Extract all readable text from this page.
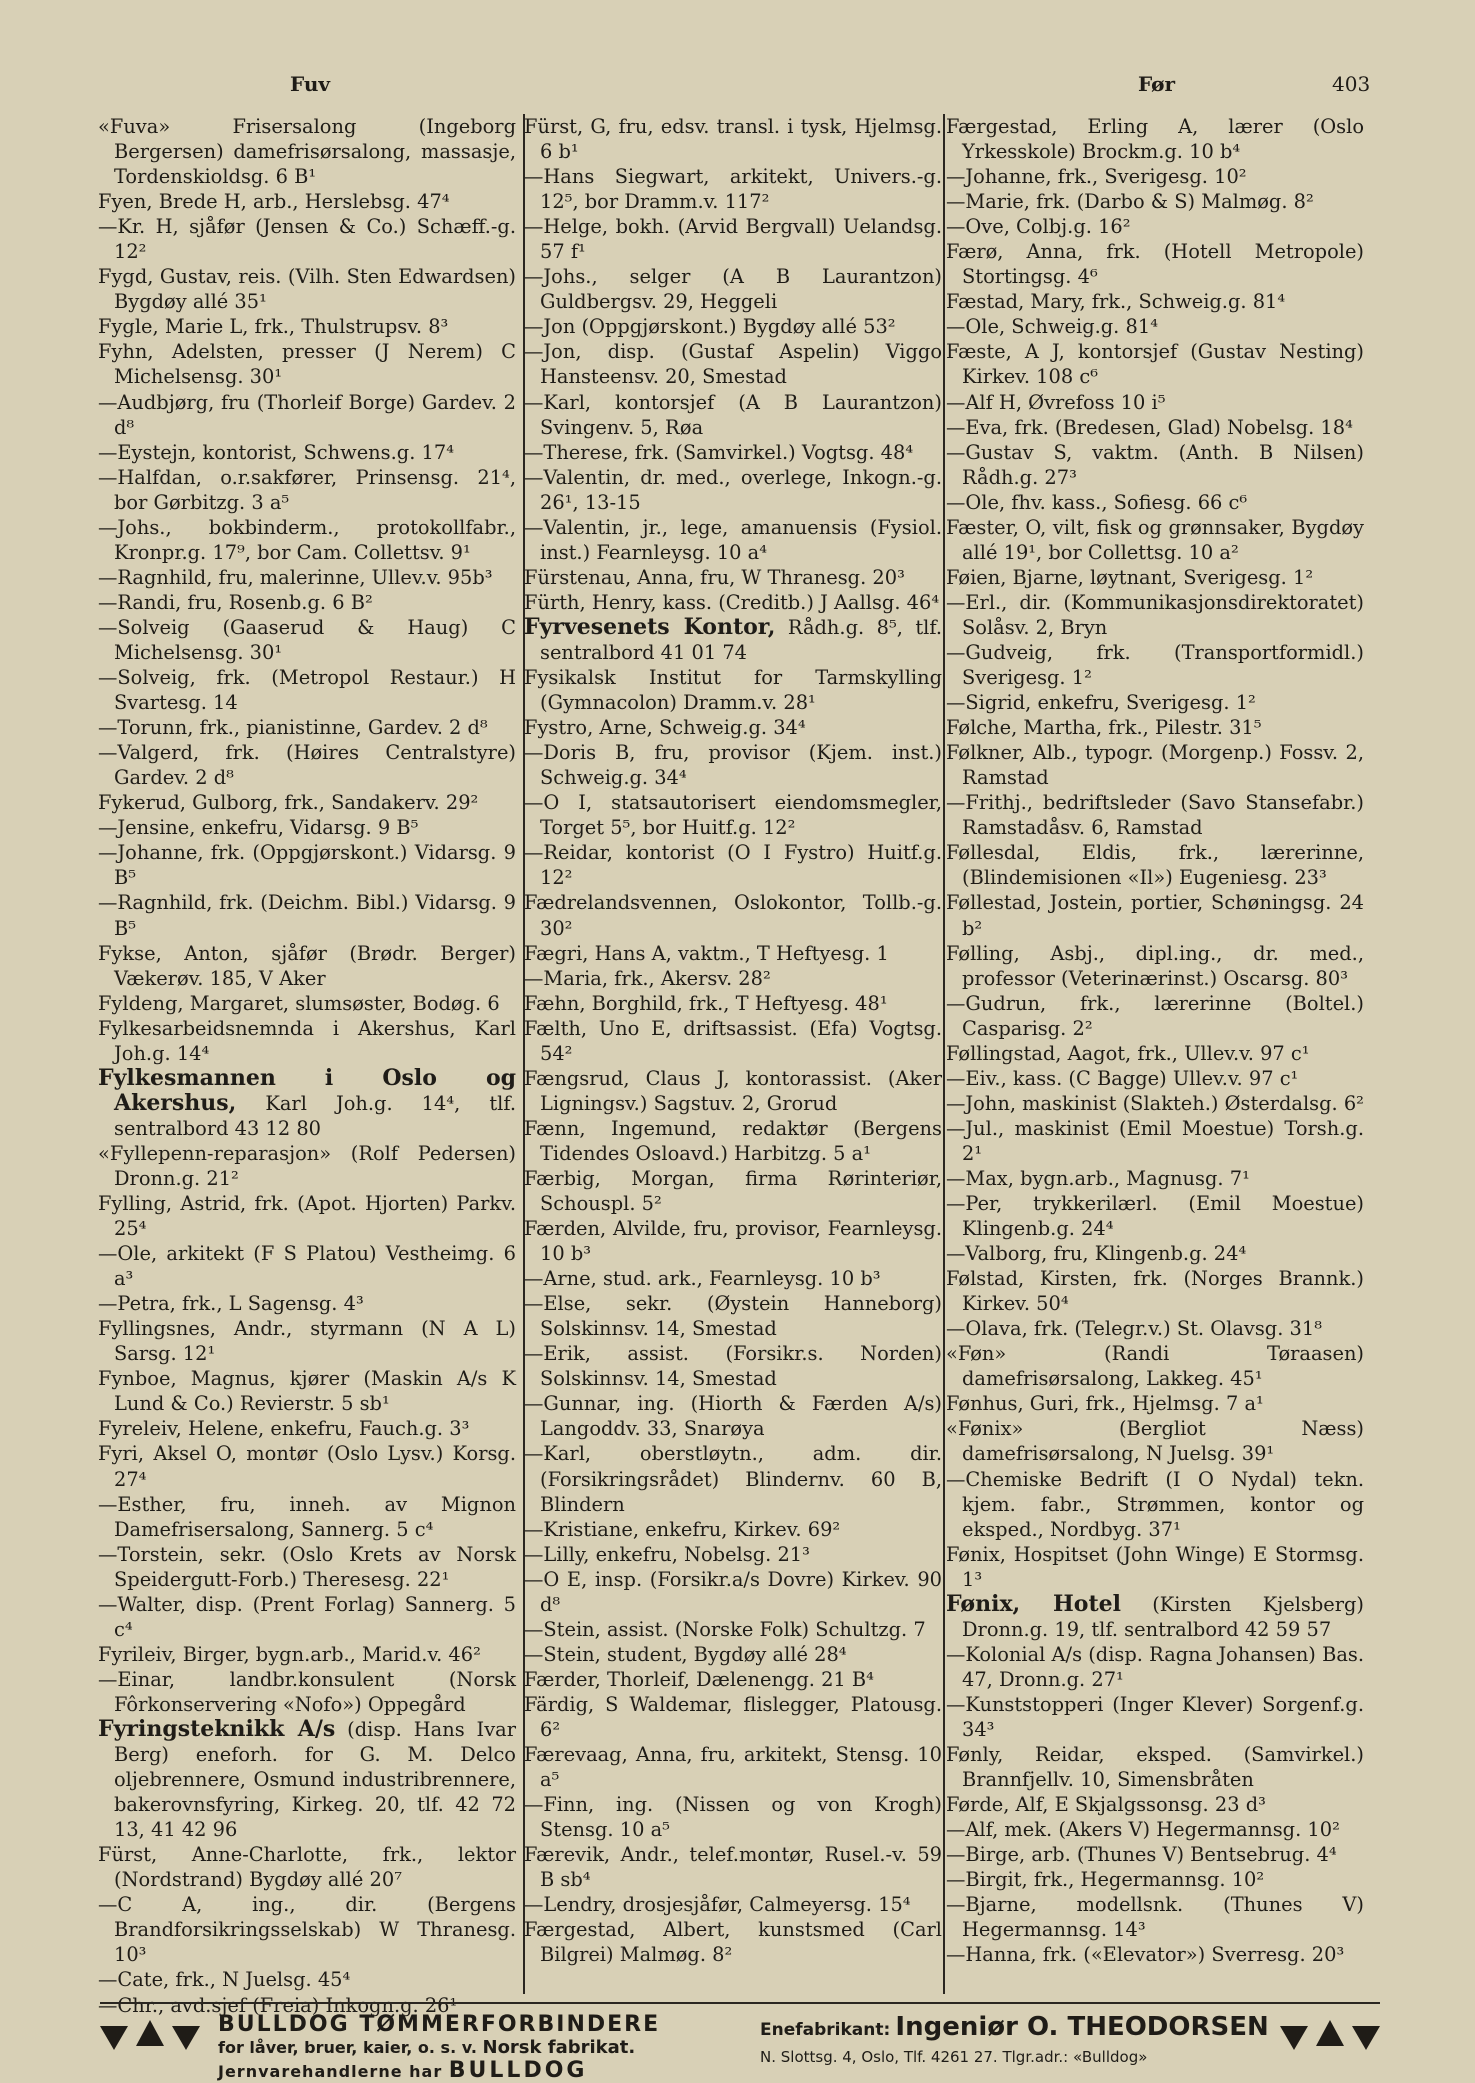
Fuv	Før	403

«Fuva» Frisersalong (Ingeborg Bergersen) damefrisørsalong, massasje, Tordenskioldsg. 6 B¹

Fyen, Brede H, arb., Herslebsg. 47⁴

—Kr. H, sjåfør (Jensen & Co.) Schæff.-g. 12²

Fygd, Gustav, reis. (Vilh. Sten Edwardsen) Bygdøy allé 35¹

Fygle, Marie L, frk., Thulstrupsv. 8³

Fyhn, Adelsten, presser (J Nerem) C Michelsensg. 30¹

—Audbjørg, fru (Thorleif Borge) Gardev. 2 d⁸

—Eystejn, kontorist, Schwens.g. 17⁴

—Halfdan, o.r.sakfører, Prinsensg. 21⁴, bor Gørbitzg. 3 a⁵

—Johs., bokbinderm., protokollfabr., Kronpr.g. 17⁹, bor Cam. Collettsv. 9¹

—Ragnhild, fru, malerinne, Ullev.v. 95b³

—Randi, fru, Rosenb.g. 6 B²

—Solveig (Gaaserud & Haug) C Michelsensg. 30¹

—Solveig, frk. (Metropol Restaur.) H Svartesg. 14

—Torunn, frk., pianistinne, Gardev. 2 d⁸

—Valgerd, frk. (Høires Centralstyre) Gardev. 2 d⁸

Fykerud, Gulborg, frk., Sandakerv. 29²

—Jensine, enkefru, Vidarsg. 9 B⁵

—Johanne, frk. (Oppgjørskont.) Vidarsg. 9 B⁵

—Ragnhild, frk. (Deichm. Bibl.) Vidarsg. 9 B⁵

Fykse, Anton, sjåfør (Brødr. Berger) Vækerøv. 185, V Aker

Fyldeng, Margaret, slumsøster, Bodøg. 6

Fylkesarbeidsnemnda i Akershus, Karl Joh.g. 14⁴

Fylkesmannen i Oslo og Akershus, Karl Joh.g. 14⁴, tlf. sentralbord 43 12 80

«Fyllepenn-reparasjon» (Rolf Pedersen) Dronn.g. 21²

Fylling, Astrid, frk. (Apot. Hjorten) Parkv. 25⁴

—Ole, arkitekt (F S Platou) Vestheimg. 6 a³

—Petra, frk., L Sagensg. 4³

Fyllingsnes, Andr., styrmann (N A L) Sarsg. 12¹

Fynboe, Magnus, kjører (Maskin A/s K Lund & Co.) Revierstr. 5 sb¹

Fyreleiv, Helene, enkefru, Fauch.g. 3³

Fyri, Aksel O, montør (Oslo Lysv.) Korsg. 27⁴

—Esther, fru, inneh. av Mignon Damefrisersalong, Sannerg. 5 c⁴

—Torstein, sekr. (Oslo Krets av Norsk Speidergutt-Forb.) Theresesg. 22¹

—Walter, disp. (Prent Forlag) Sannerg. 5 c⁴

Fyrileiv, Birger, bygn.arb., Marid.v. 46²

—Einar, landbr.konsulent (Norsk Fôrkonservering «Nofo») Oppegård

Fyringsteknikk A/s (disp. Hans Ivar Berg) eneforh. for G. M. Delco oljebrennere, Osmund industribrennere, bakerovnsfyring, Kirkeg. 20, tlf. 42 72 13, 41 42 96

Fürst, Anne-Charlotte, frk., lektor (Nordstrand) Bygdøy allé 20⁷

—C A, ing., dir. (Bergens Brandforsikringsselskab) W Thranesg. 10³

—Cate, frk., N Juelsg. 45⁴

—Chr., avd.sjef (Freia) Inkogn.g. 26¹

Fürst, G, fru, edsv. transl. i tysk, Hjelmsg. 6 b¹

—Hans Siegwart, arkitekt, Univers.-g. 12⁵, bor Dramm.v. 117²

—Helge, bokh. (Arvid Bergvall) Uelandsg. 57 f¹

—Johs., selger (A B Laurantzon) Guldbergsv. 29, Heggeli

—Jon (Oppgjørskont.) Bygdøy allé 53²

—Jon, disp. (Gustaf Aspelin) Viggo Hansteensv. 20, Smestad

—Karl, kontorsjef (A B Laurantzon) Svingenv. 5, Røa

—Therese, frk. (Samvirkel.) Vogtsg. 48⁴

—Valentin, dr. med., overlege, Inkogn.-g. 26¹, 13-15

—Valentin, jr., lege, amanuensis (Fysiol. inst.) Fearnleysg. 10 a⁴

Fürstenau, Anna, fru, W Thranesg. 20³

Fürth, Henry, kass. (Creditb.) J Aallsg. 46⁴

Fyrvesenets Kontor, Rådh.g. 8⁵, tlf. sentralbord 41 01 74

Fysikalsk Institut for Tarmskylling (Gymnacolon) Dramm.v. 28¹

Fystro, Arne, Schweig.g. 34⁴

—Doris B, fru, provisor (Kjem. inst.) Schweig.g. 34⁴

—O I, statsautorisert eiendomsmegler, Torget 5⁵, bor Huitf.g. 12²

—Reidar, kontorist (O I Fystro) Huitf.g. 12²

Fædrelandsvennen, Oslokontor, Tollb.-g. 30²

Fægri, Hans A, vaktm., T Heftyesg. 1

—Maria, frk., Akersv. 28²

Fæhn, Borghild, frk., T Heftyesg. 48¹

Fælth, Uno E, driftsassist. (Efa) Vogtsg. 54²

Fængsrud, Claus J, kontorassist. (Aker Ligningsv.) Sagstuv. 2, Grorud

Fænn, Ingemund, redaktør (Bergens Tidendes Osloavd.) Harbitzg. 5 a¹

Færbig, Morgan, firma Rørinteriør, Schouspl. 5²

Færden, Alvilde, fru, provisor, Fearnleysg. 10 b³

—Arne, stud. ark., Fearnleysg. 10 b³

—Else, sekr. (Øystein Hanneborg) Solskinnsv. 14, Smestad

—Erik, assist. (Forsikr.s. Norden) Solskinnsv. 14, Smestad

—Gunnar, ing. (Hiorth & Færden A/s) Langoddv. 33, Snarøya

—Karl, oberstløytn., adm. dir. (Forsikringsrådet) Blindernv. 60 B, Blindern

—Kristiane, enkefru, Kirkev. 69²

—Lilly, enkefru, Nobelsg. 21³

—O E, insp. (Forsikr.a/s Dovre) Kirkev. 90 d⁸

—Stein, assist. (Norske Folk) Schultzg. 7

—Stein, student, Bygdøy allé 28⁴

Færder, Thorleif, Dælenengg. 21 B⁴

Färdig, S Waldemar, flislegger, Platousg. 6²

Færevaag, Anna, fru, arkitekt, Stensg. 10 a⁵

—Finn, ing. (Nissen og von Krogh) Stensg. 10 a⁵

Færevik, Andr., telef.montør, Rusel.-v. 59 B sb⁴

—Lendry, drosjesjåfør, Calmeyersg. 15⁴

Færgestad, Albert, kunstsmed (Carl Bilgrei) Malmøg. 8²

Færgestad, Erling A, lærer (Oslo Yrkesskole) Brockm.g. 10 b⁴

—Johanne, frk., Sverigesg. 10²

—Marie, frk. (Darbo & S) Malmøg. 8²

—Ove, Colbj.g. 16²

Færø, Anna, frk. (Hotell Metropole) Stortingsg. 4⁶

Fæstad, Mary, frk., Schweig.g. 81⁴

—Ole, Schweig.g. 81⁴

Fæste, A J, kontorsjef (Gustav Nesting) Kirkev. 108 c⁶

—Alf H, Øvrefoss 10 i⁵

—Eva, frk. (Bredesen, Glad) Nobelsg. 18⁴

—Gustav S, vaktm. (Anth. B Nilsen) Rådh.g. 27³

—Ole, fhv. kass., Sofiesg. 66 c⁶

Fæster, O, vilt, fisk og grønnsaker, Bygdøy allé 19¹, bor Collettsg. 10 a²

Føien, Bjarne, løytnant, Sverigesg. 1²

—Erl., dir. (Kommunikasjonsdirektoratet) Solåsv. 2, Bryn

—Gudveig, frk. (Transportformidl.) Sverigesg. 1²

—Sigrid, enkefru, Sverigesg. 1²

Følche, Martha, frk., Pilestr. 31⁵

Følkner, Alb., typogr. (Morgenp.) Fossv. 2, Ramstad

—Frithj., bedriftsleder (Savo Stansefabr.) Ramstadåsv. 6, Ramstad

Føllesdal, Eldis, frk., lærerinne, (Blindemisionen «Il») Eugeniesg. 23³

Føllestad, Jostein, portier, Schøningsg. 24 b²

Følling, Asbj., dipl.ing., dr. med., professor (Veterinærinst.) Oscarsg. 80³

—Gudrun, frk., lærerinne (Boltel.) Casparisg. 2²

Føllingstad, Aagot, frk., Ullev.v. 97 c¹

—Eiv., kass. (C Bagge) Ullev.v. 97 c¹

—John, maskinist (Slakteh.) Østerdalsg. 6²

—Jul., maskinist (Emil Moestue) Torsh.g. 2¹

—Max, bygn.arb., Magnusg. 7¹

—Per, trykkerilærl. (Emil Moestue) Klingenb.g. 24⁴

—Valborg, fru, Klingenb.g. 24⁴

Følstad, Kirsten, frk. (Norges Brannk.) Kirkev. 50⁴

—Olava, frk. (Telegr.v.) St. Olavsg. 31⁸

«Føn» (Randi Tøraasen) damefrisørsalong, Lakkeg. 45¹

Fønhus, Guri, frk., Hjelmsg. 7 a¹

«Fønix» (Bergliot Næss) damefrisørsalong, N Juelsg. 39¹

—Chemiske Bedrift (I O Nydal) tekn. kjem. fabr., Strømmen, kontor og eksped., Nordbyg. 37¹

Fønix, Hospitset (John Winge) E Stormsg. 1³

Fønix, Hotel (Kirsten Kjelsberg) Dronn.g. 19, tlf. sentralbord 42 59 57

—Kolonial A/s (disp. Ragna Johansen) Bas. 47, Dronn.g. 27¹

—Kunststopperi (Inger Klever) Sorgenf.g. 34³

Fønly, Reidar, eksped. (Samvirkel.) Brannfjellv. 10, Simensbråten

Førde, Alf, E Skjalgssonsg. 23 d³

—Alf, mek. (Akers V) Hegermannsg. 10²

—Birge, arb. (Thunes V) Bentsebrug. 4⁴

—Birgit, frk., Hegermannsg. 10²

—Bjarne, modellsnk. (Thunes V) Hegermannsg. 14³

—Hanna, frk. («Elevator») Sverresg. 20³

BULLDOG TØMMERFORBINDERE
for låver, bruer, kaier, o. s. v. Norsk fabrikat.
Jernvarehandlerne har BULLDOG
Enefabrikant: Ingeniør O. THEODORSEN
N. Slottsg. 4, Oslo, Tlf. 4261 27. Tlgr.adr.: «Bulldog»
